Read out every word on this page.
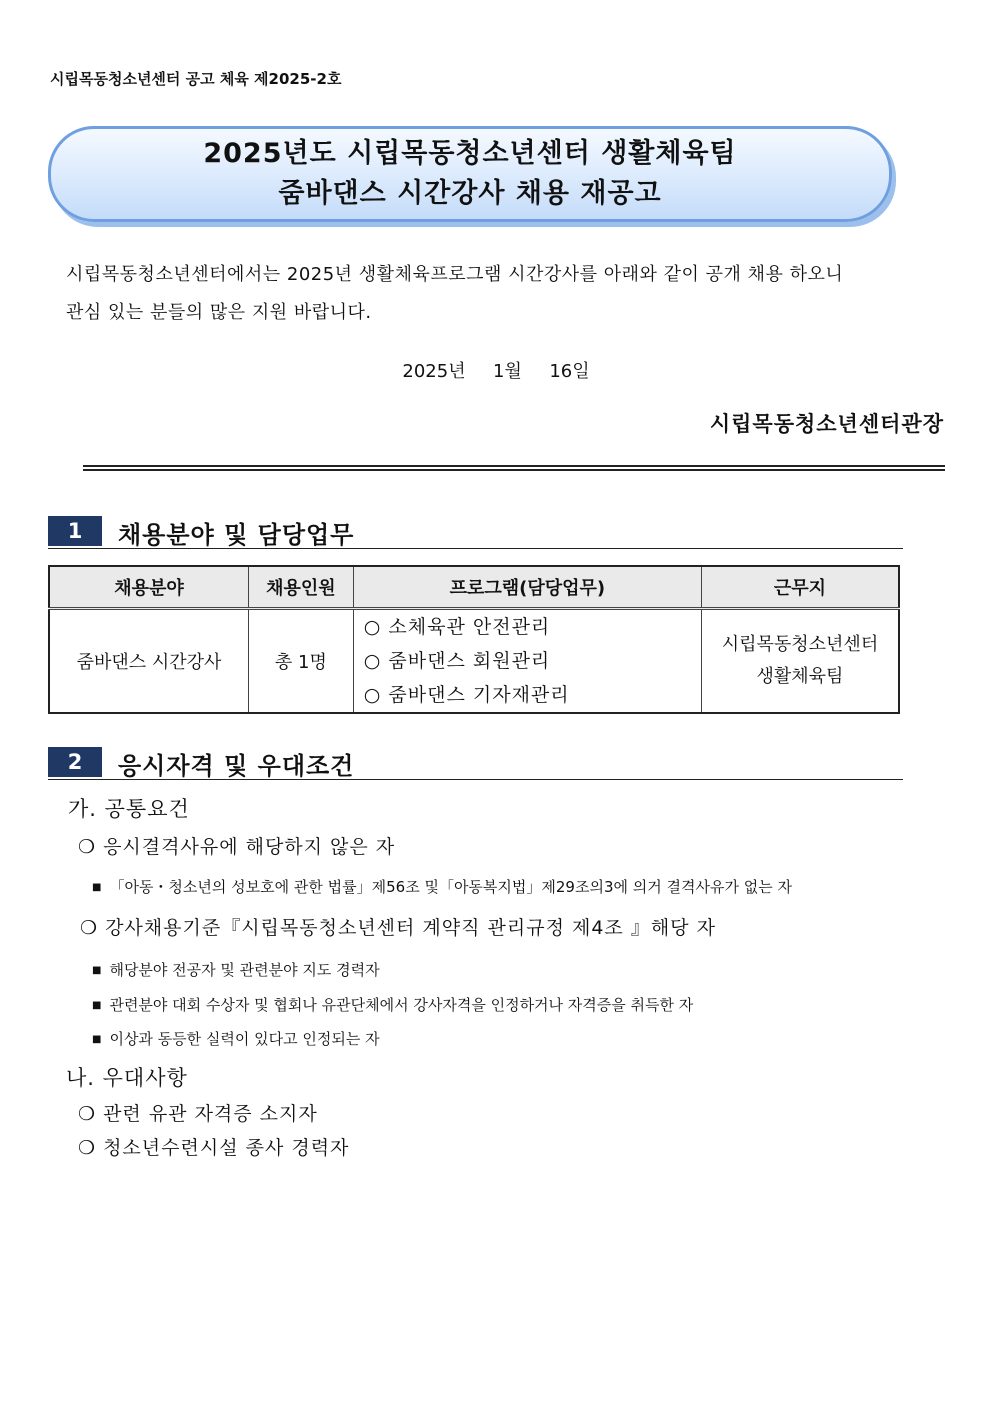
시립목동청소년센터 공고 체육 제2025-2호
2025년도 시립목동청소년센터 생활체육팀
줌바댄스 시간강사 채용 재공고
시립목동청소년센터에서는 2025년 생활체육프로그램 시간강사를 아래와 같이 공개 채용 하오니
관심 있는 분들의 많은 지원 바랍니다.
2025년  1월  16일
시립목동청소년센터관장
1	채용분야 및 담당업무
채용분야	채용인원	프로그램(담당업무)	근무지
줌바댄스 시간강사	총 1명	○ 소체육관 안전관리
○ 줌바댄스 회원관리
○ 줌바댄스 기자재관리	시립목동청소년센터
생활체육팀
2	응시자격 및 우대조건
가. 공통요건
❍ 응시결격사유에 해당하지 않은 자
■ 「아동・청소년의 성보호에 관한 법률」제56조 및「아동복지법」제29조의3에 의거 결격사유가 없는 자
❍ 강사채용기준『시립목동청소년센터 계약직 관리규정 제4조 』해당 자
■ 해당분야 전공자 및 관련분야 지도 경력자
■ 관련분야 대회 수상자 및 협회나 유관단체에서 강사자격을 인정하거나 자격증을 취득한 자
■ 이상과 동등한 실력이 있다고 인정되는 자
나. 우대사항
❍ 관련 유관 자격증 소지자
❍ 청소년수련시설 종사 경력자
